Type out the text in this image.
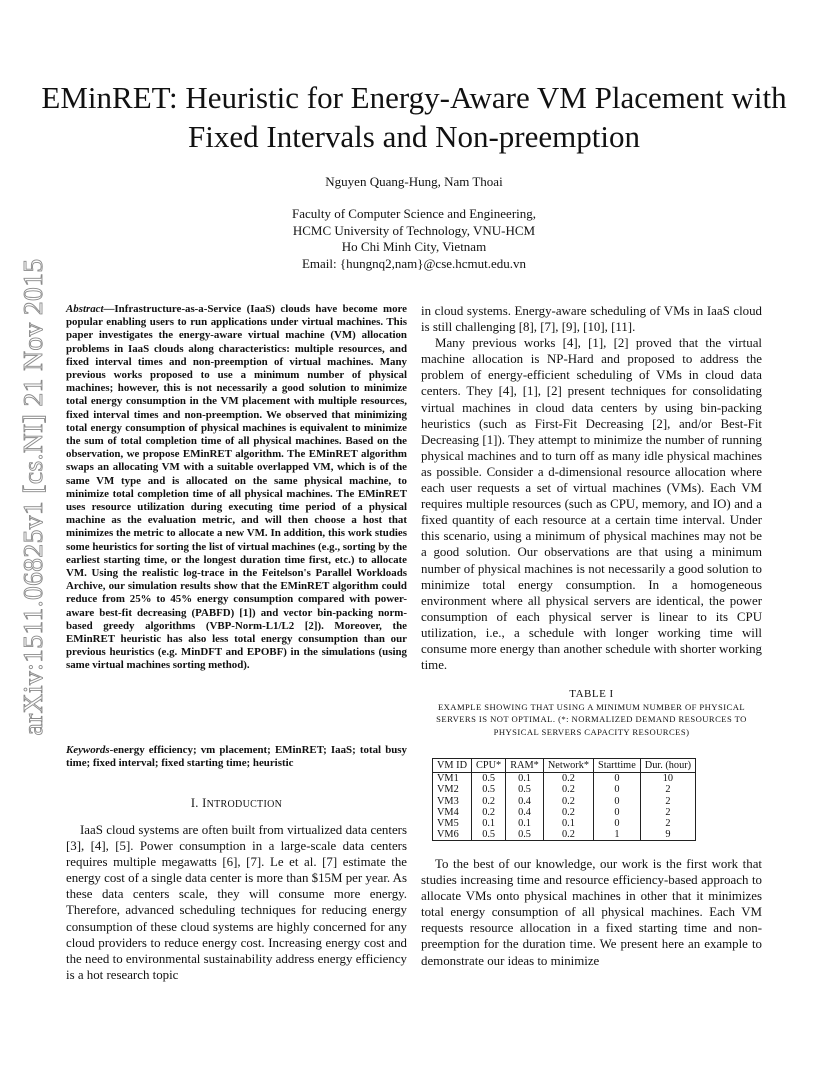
arXiv:1511.06825v1 [cs.NI] 21 Nov 2015
EMinRET: Heuristic for Energy-Aware VM Placement with Fixed Intervals and Non-preemption
Nguyen Quang-Hung, Nam Thoai
Faculty of Computer Science and Engineering,
HCMC University of Technology, VNU-HCM
Ho Chi Minh City, Vietnam
Email: {hungnq2,nam}@cse.hcmut.edu.vn
Abstract—Infrastructure-as-a-Service (IaaS) clouds have become more popular enabling users to run applications under virtual machines. This paper investigates the energy-aware virtual machine (VM) allocation problems in IaaS clouds along characteristics: multiple resources, and fixed interval times and non-preemption of virtual machines. Many previous works proposed to use a minimum number of physical machines; however, this is not necessarily a good solution to minimize total energy consumption in the VM placement with multiple resources, fixed interval times and non-preemption. We observed that minimizing total energy consumption of physical machines is equivalent to minimize the sum of total completion time of all physical machines. Based on the observation, we propose EMinRET algorithm. The EMinRET algorithm swaps an allocating VM with a suitable overlapped VM, which is of the same VM type and is allocated on the same physical machine, to minimize total completion time of all physical machines. The EMinRET uses resource utilization during executing time period of a physical machine as the evaluation metric, and will then choose a host that minimizes the metric to allocate a new VM. In addition, this work studies some heuristics for sorting the list of virtual machines (e.g., sorting by the earliest starting time, or the longest duration time first, etc.) to allocate VM. Using the realistic log-trace in the Feitelson's Parallel Workloads Archive, our simulation results show that the EMinRET algorithm could reduce from 25% to 45% energy consumption compared with power-aware best-fit decreasing (PABFD) [1]) and vector bin-packing norm-based greedy algorithms (VBP-Norm-L1/L2 [2]). Moreover, the EMinRET heuristic has also less total energy consumption than our previous heuristics (e.g. MinDFT and EPOBF) in the simulations (using same virtual machines sorting method).
Keywords-energy efficiency; vm placement; EMinRET; IaaS; total busy time; fixed interval; fixed starting time; heuristic
I. INTRODUCTION

IaaS cloud systems are often built from virtualized data centers [3], [4], [5]. Power consumption in a large-scale data centers requires multiple megawatts [6], [7]. Le et al. [7] estimate the energy cost of a single data center is more than $15M per year. As these data centers scale, they will consume more energy. Therefore, advanced scheduling techniques for reducing energy consumption of these cloud systems are highly concerned for any cloud providers to reduce energy cost. Increasing energy cost and the need to environmental sustainability address energy efficiency is a hot research topic

in cloud systems. Energy-aware scheduling of VMs in IaaS cloud is still challenging [8], [7], [9], [10], [11].

Many previous works [4], [1], [2] proved that the virtual machine allocation is NP-Hard and proposed to address the problem of energy-efficient scheduling of VMs in cloud data centers. They [4], [1], [2] present techniques for consolidating virtual machines in cloud data centers by using bin-packing heuristics (such as First-Fit Decreasing [2], and/or Best-Fit Decreasing [1]). They attempt to minimize the number of running physical machines and to turn off as many idle physical machines as possible. Consider a d-dimensional resource allocation where each user requests a set of virtual machines (VMs). Each VM requires multiple resources (such as CPU, memory, and IO) and a fixed quantity of each resource at a certain time interval. Under this scenario, using a minimum of physical machines may not be a good solution. Our observations are that using a minimum number of physical machines is not necessarily a good solution to minimize total energy consumption. In a homogeneous environment where all physical servers are identical, the power consumption of each physical server is linear to its CPU utilization, i.e., a schedule with longer working time will consume more energy than another schedule with shorter working time.

TABLE I
EXAMPLE SHOWING THAT USING A MINIMUM NUMBER OF PHYSICAL SERVERS IS NOT OPTIMAL. (*: NORMALIZED DEMAND RESOURCES TO PHYSICAL SERVERS CAPACITY RESOURCES)
VM ID	CPU*	RAM*	Network*	Starttime	Dur. (hour)
VM1	0.5	0.1	0.2	0	10
VM2	0.5	0.5	0.2	0	2
VM3	0.2	0.4	0.2	0	2
VM4	0.2	0.4	0.2	0	2
VM5	0.1	0.1	0.1	0	2
VM6	0.5	0.5	0.2	1	9

To the best of our knowledge, our work is the first work that studies increasing time and resource efficiency-based approach to allocate VMs onto physical machines in other that it minimizes total energy consumption of all physical machines. Each VM requests resource allocation in a fixed starting time and non-preemption for the duration time. We present here an example to demonstrate our ideas to minimize
